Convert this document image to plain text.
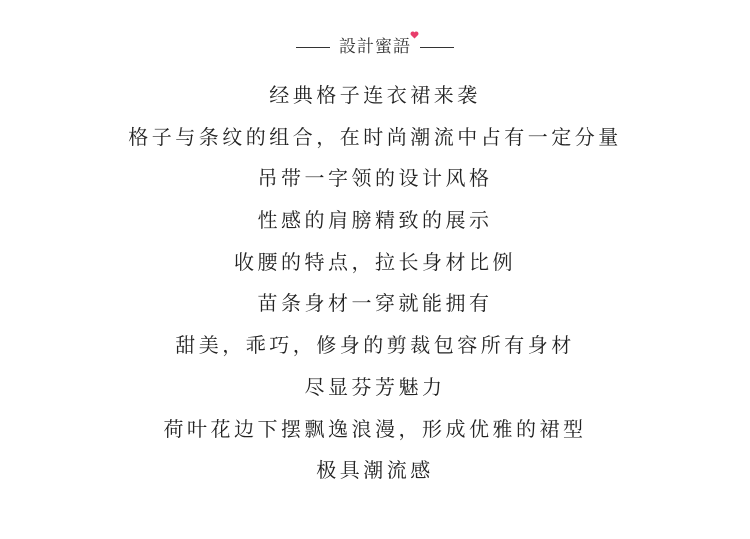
設計蜜語
经典格子连衣裙来袭
格子与条纹的组合，在时尚潮流中占有一定分量
吊带一字领的设计风格
性感的肩膀精致的展示
收腰的特点，拉长身材比例
苗条身材一穿就能拥有
甜美，乖巧，修身的剪裁包容所有身材
尽显芬芳魅力
荷叶花边下摆飘逸浪漫，形成优雅的裙型
极具潮流感
